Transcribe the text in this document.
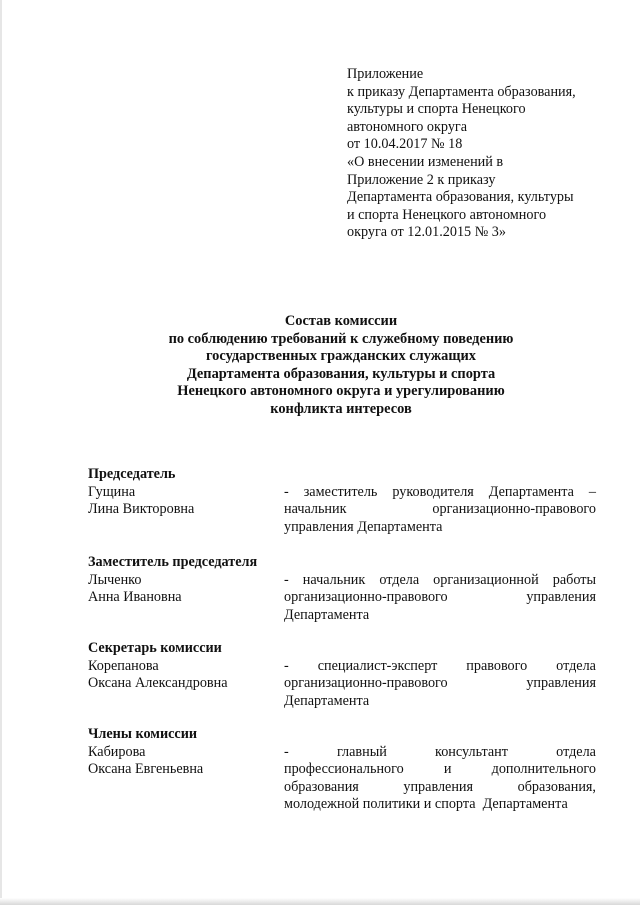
Приложение
к приказу Департамента образования,
культуры и спорта Ненецкого
автономного округа
от 10.04.2017 № 18
«О внесении изменений в
Приложение 2 к приказу
Департамента образования, культуры
и спорта Ненецкого автономного
округа от 12.01.2015 № 3»
Состав комиссии
по соблюдению требований к служебному поведению
государственных гражданских служащих
Департамента образования, культуры и спорта
Ненецкого автономного округа и урегулированию
конфликта интересов
Председатель
Гущина
Лина Викторовна
- заместитель руководителя Департамента –
начальник	организационно-правового
управления Департамента
Заместитель председателя
Лыченко
Анна Ивановна
- начальник отдела организационной работы
организационно-правового	управления
Департамента
Секретарь комиссии
Корепанова
Оксана Александровна
- специалист-эксперт правового отдела
организационно-правового	управления
Департамента
Члены комиссии
Кабирова
Оксана Евгеньевна
-	главный	консультант	отдела
профессионального	и	дополнительного
образования	управления	образования,
молодежной политики и спорта  Департамента
